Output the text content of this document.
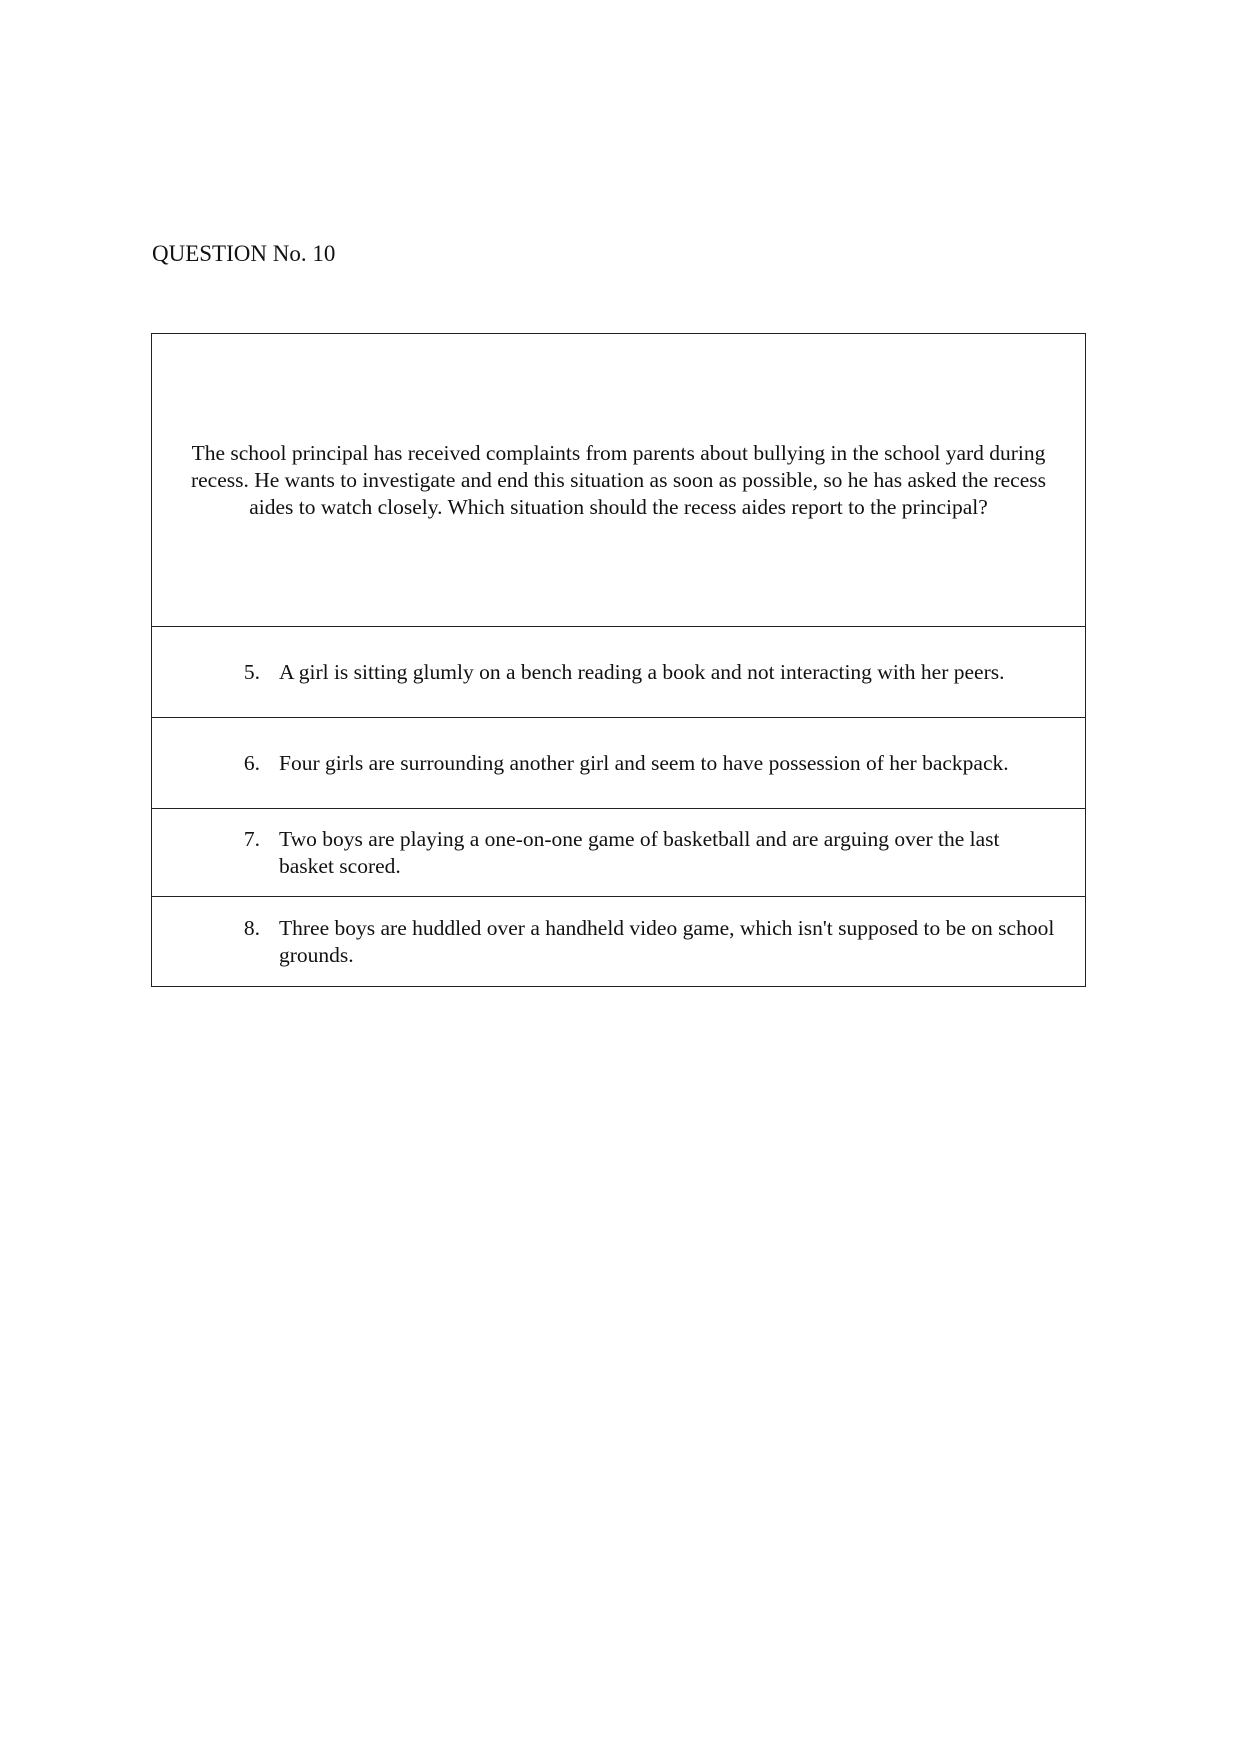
QUESTION No. 10

The school principal has received complaints from parents about bullying in the school yard during recess. He wants to investigate and end this situation as soon as possible, so he has asked the recess aides to watch closely. Which situation should the recess aides report to the principal?

5. A girl is sitting glumly on a bench reading a book and not interacting with her peers.
6. Four girls are surrounding another girl and seem to have possession of her backpack.
7. Two boys are playing a one-on-one game of basketball and are arguing over the last basket scored.
8. Three boys are huddled over a handheld video game, which isn't supposed to be on school grounds.
